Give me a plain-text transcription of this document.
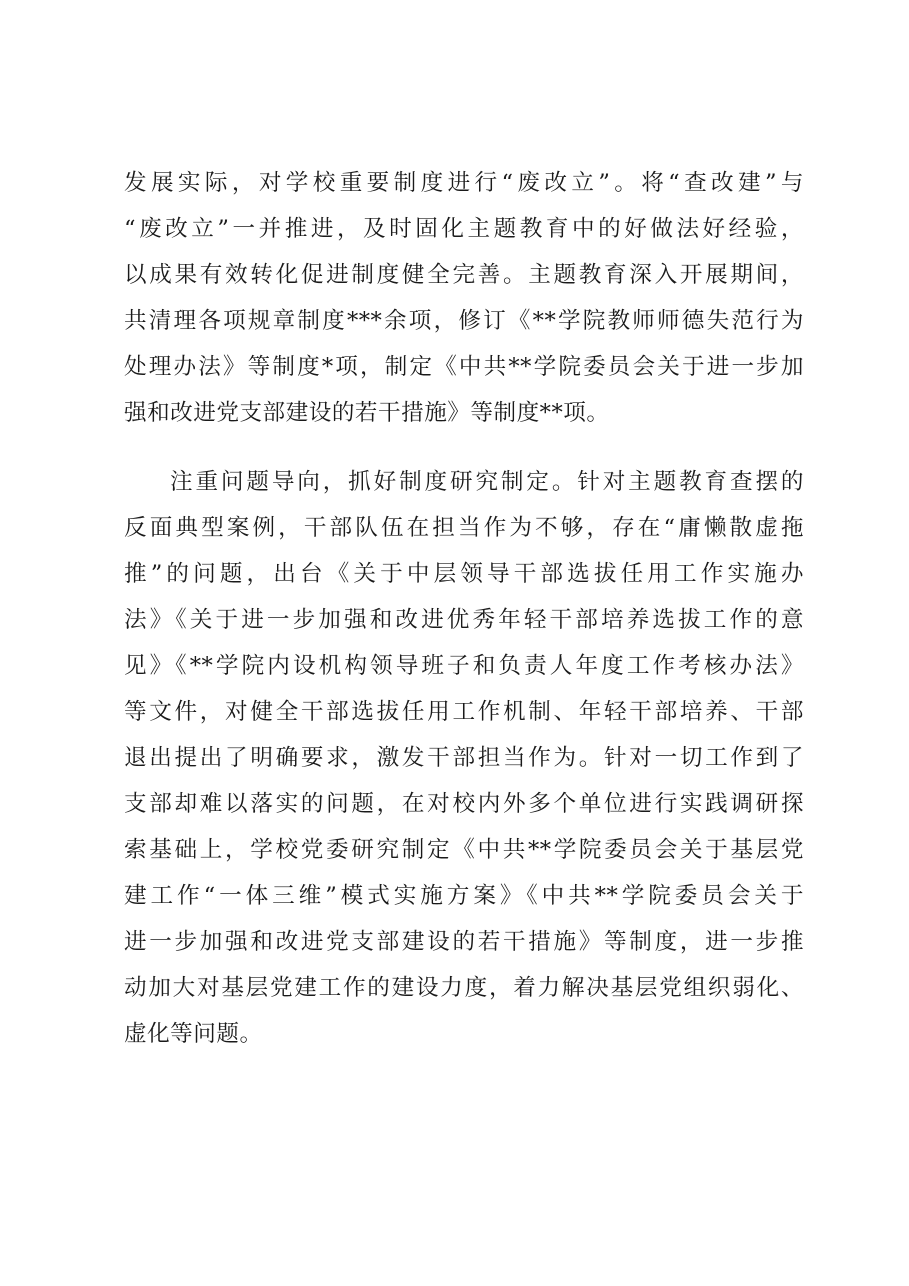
发展实际，对学校重要制度进行“废改立”。将“查改建”与

“废改立”一并推进，及时固化主题教育中的好做法好经验，

以成果有效转化促进制度健全完善。主题教育深入开展期间，

共清理各项规章制度***余项，修订《**学院教师师德失范行为

处理办法》等制度*项，制定《中共**学院委员会关于进一步加

强和改进党支部建设的若干措施》等制度**项。

注重问题导向，抓好制度研究制定。针对主题教育查摆的

反面典型案例，干部队伍在担当作为不够，存在“庸懒散虚拖

推”的问题，出台《关于中层领导干部选拔任用工作实施办

法》《关于进一步加强和改进优秀年轻干部培养选拔工作的意

见》《**学院内设机构领导班子和负责人年度工作考核办法》

等文件，对健全干部选拔任用工作机制、年轻干部培养、干部

退出提出了明确要求，激发干部担当作为。针对一切工作到了

支部却难以落实的问题，在对校内外多个单位进行实践调研探

索基础上，学校党委研究制定《中共**学院委员会关于基层党

建工作“一体三维”模式实施方案》《中共**学院委员会关于

进一步加强和改进党支部建设的若干措施》等制度，进一步推

动加大对基层党建工作的建设力度，着力解决基层党组织弱化、

虚化等问题。
